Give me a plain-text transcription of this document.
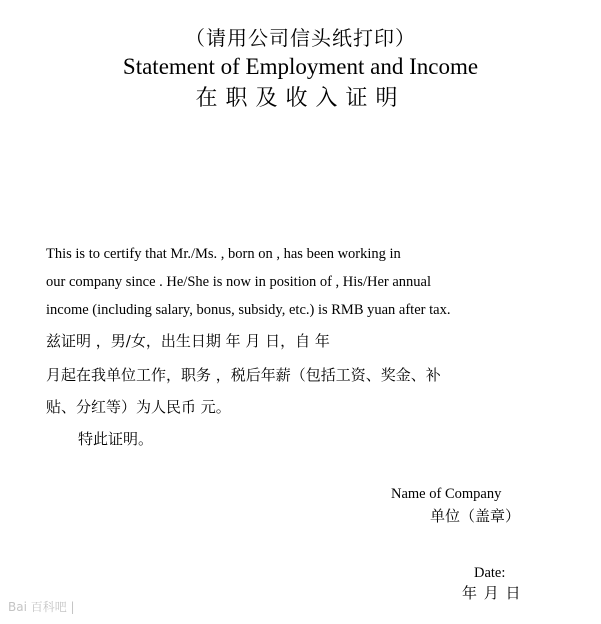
（请用公司信头纸打印）
Statement of Employment and Income
在职及收入证明
This is to certify that Mr./Ms. , born on , has been working in
our company since . He/She is now in position of , His/Her annual
income (including salary, bonus, subsidy, etc.) is RMB yuan after tax.
兹证明 ，男/女，出生日期 年 月 日，自 年
月起在我单位工作，职务 ，税后年薪（包括工资、奖金、补
贴、分红等）为人民币 元。
特此证明。
Name of Company
单位（盖章）
Date:
年 月 日
Bai 百科吧 |
